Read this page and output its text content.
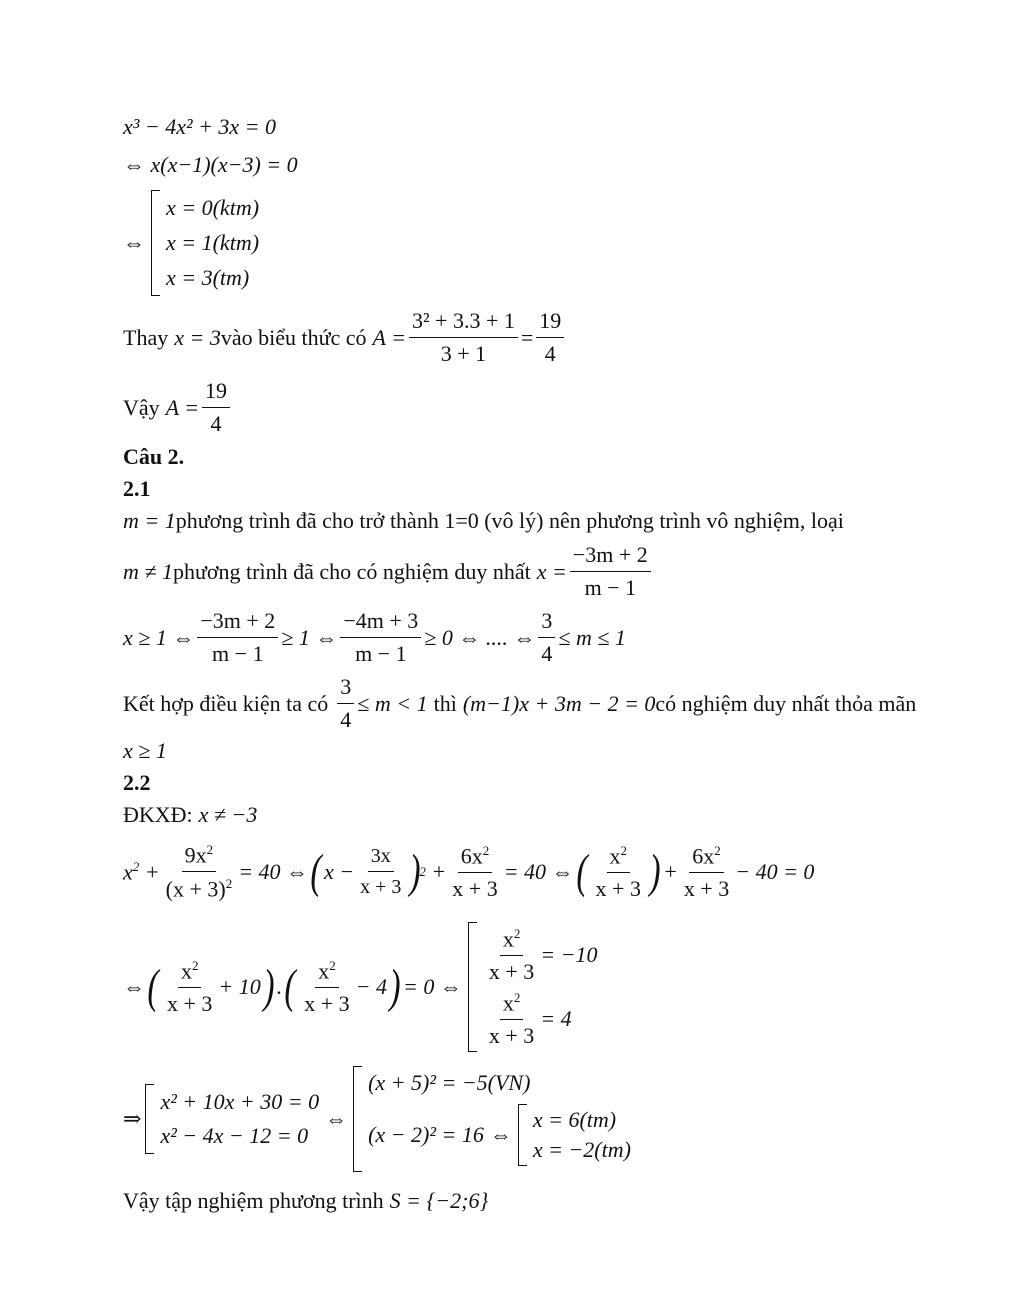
x³ − 4x² + 3x = 0
⇔ x(x−1)(x−3) = 0
⇔
x = 0(ktm)
x = 1(ktm)
x = 3(tm)
Thay x = 3 vào biểu thức có $A = \frac{\text{3² + 3.3 + 1}}{3 + 1} = \frac{19}{4}$
Vậy $A = \frac{19}{4}$
Câu 2.
2.1
m = 1 phương trình đã cho trở thành 1=0 (vô lý) nên phương trình vô nghiệm, loại
m ≠ 1 phương trình đã cho có nghiệm duy nhất $x = \frac{-3m + 2}{m - 1}$
x ≥ 1 ⇔ $\frac{-3m + 2}{m - 1} \ge 1$ ⇔ $\frac{-4m + 3}{m - 1} \ge 0$ ⇔ .... ⇔ $\frac{3}{4} \le m \le 1$
Kết hợp điều kiện ta có $\frac{3}{4} \le m < 1$ thì (m−1)x + 3m − 2 = 0 có nghiệm duy nhất thỏa mãn
x ≥ 1
2.2
ĐKXĐ: x ≠ −3
$x^2 + \frac{9x^2}{(x + 3)^2} = 40$ ⇔ ( $x - \frac{3x}{x + 3}$ )
$2 + \frac{6x^2}{x + 3} = 40$ ⇔ ( $x^2$
x + 3 ) + $\frac{6x^2}{x + 3} - 40 = 0$
⇔ ( $x^2$
x + 3
+ 10 ) . ( $x^2$
x + 3
− 4 ) = 0 ⇔
$\frac{x^2}{x + 3} = -10$
$\frac{x^2}{x + 3} = 4$
⇒
x² + 10x + 30 = 0
x² − 4x − 12 = 0
⇔
(x + 5)² = −5(VN)
(x − 2)² = 16 ⇔
x = 6(tm)
x = −2(tm)
Vậy tập nghiệm phương trình S = {−2;6}
